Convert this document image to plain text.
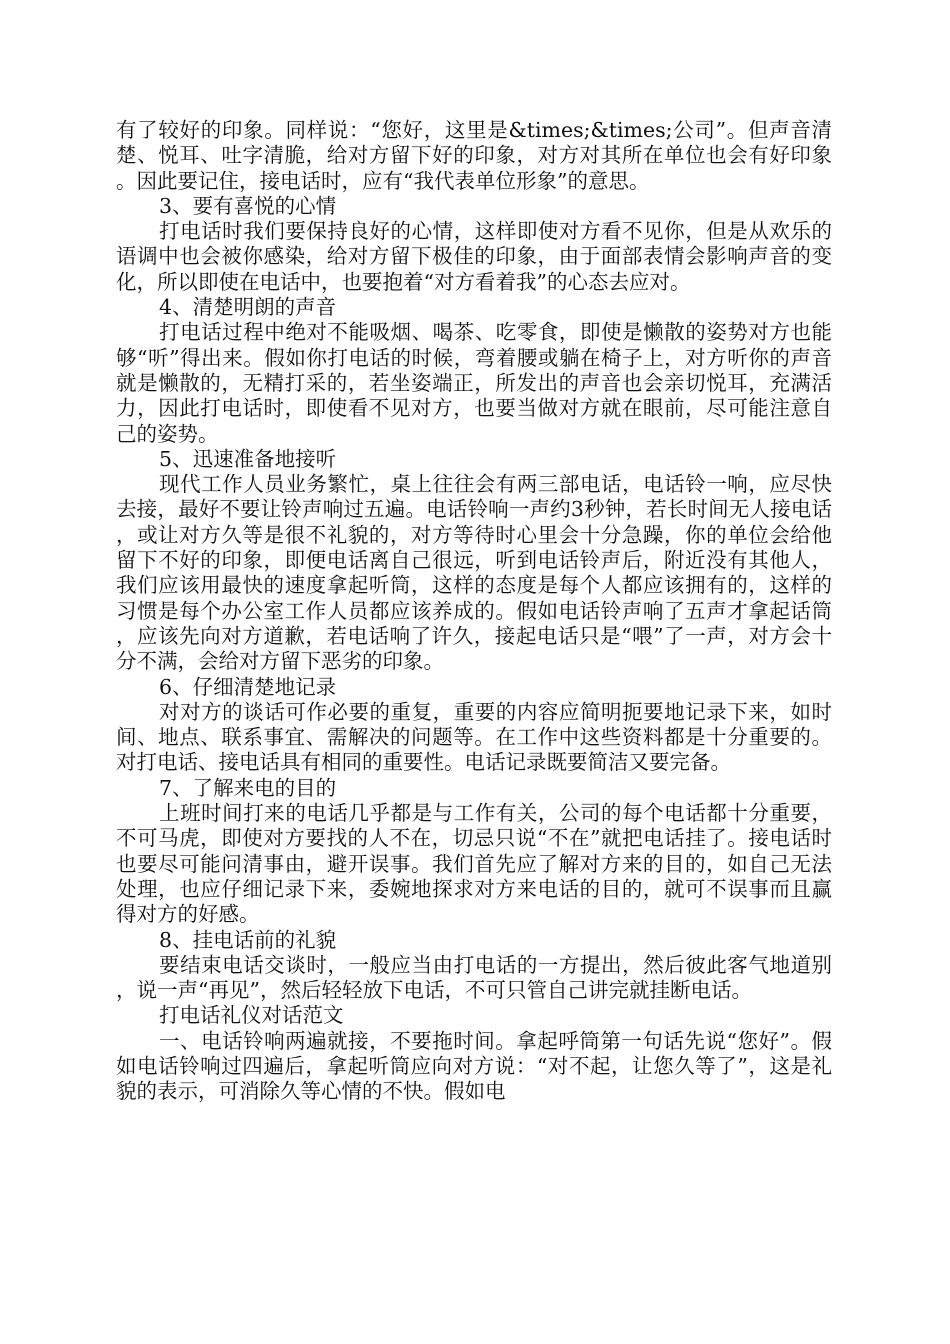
有了较好的印象。同样说：“您好，这里是&times;&times;公司”。但声音清楚、悦耳、吐字清脆，给对方留下好的印象，对方对其所在单位也会有好印象。因此要记住，接电话时，应有“我代表单位形象”的意思。

3、要有喜悦的心情

打电话时我们要保持良好的心情，这样即使对方看不见你，但是从欢乐的语调中也会被你感染，给对方留下极佳的印象，由于面部表情会影响声音的变化，所以即使在电话中，也要抱着“对方看着我”的心态去应对。

4、清楚明朗的声音

打电话过程中绝对不能吸烟、喝茶、吃零食，即使是懒散的姿势对方也能够“听”得出来。假如你打电话的时候，弯着腰或躺在椅子上，对方听你的声音就是懒散的，无精打采的，若坐姿端正，所发出的声音也会亲切悦耳，充满活力，因此打电话时，即使看不见对方，也要当做对方就在眼前，尽可能注意自己的姿势。

5、迅速准备地接听

现代工作人员业务繁忙，桌上往往会有两三部电话，电话铃一响，应尽快去接，最好不要让铃声响过五遍。电话铃响一声约3秒钟，若长时间无人接电话，或让对方久等是很不礼貌的，对方等待时心里会十分急躁，你的单位会给他留下不好的印象，即便电话离自己很远，听到电话铃声后，附近没有其他人，我们应该用最快的速度拿起听筒，这样的态度是每个人都应该拥有的，这样的习惯是每个办公室工作人员都应该养成的。假如电话铃声响了五声才拿起话筒，应该先向对方道歉，若电话响了许久，接起电话只是“喂”了一声，对方会十分不满，会给对方留下恶劣的印象。

6、仔细清楚地记录

对对方的谈话可作必要的重复，重要的内容应简明扼要地记录下来，如时间、地点、联系事宜、需解决的问题等。在工作中这些资料都是十分重要的。对打电话、接电话具有相同的重要性。电话记录既要简洁又要完备。

7、了解来电的目的

上班时间打来的电话几乎都是与工作有关，公司的每个电话都十分重要，不可马虎，即使对方要找的人不在，切忌只说“不在”就把电话挂了。接电话时也要尽可能问清事由，避开误事。我们首先应了解对方来的目的，如自己无法处理，也应仔细记录下来，委婉地探求对方来电话的目的，就可不误事而且赢得对方的好感。

8、挂电话前的礼貌

要结束电话交谈时，一般应当由打电话的一方提出，然后彼此客气地道别，说一声“再见”，然后轻轻放下电话，不可只管自己讲完就挂断电话。

打电话礼仪对话范文

一、电话铃响两遍就接，不要拖时间。拿起呼筒第一句话先说“您好”。假如电话铃响过四遍后，拿起听筒应向对方说：“对不起，让您久等了”，这是礼貌的表示，可消除久等心情的不快。假如电
